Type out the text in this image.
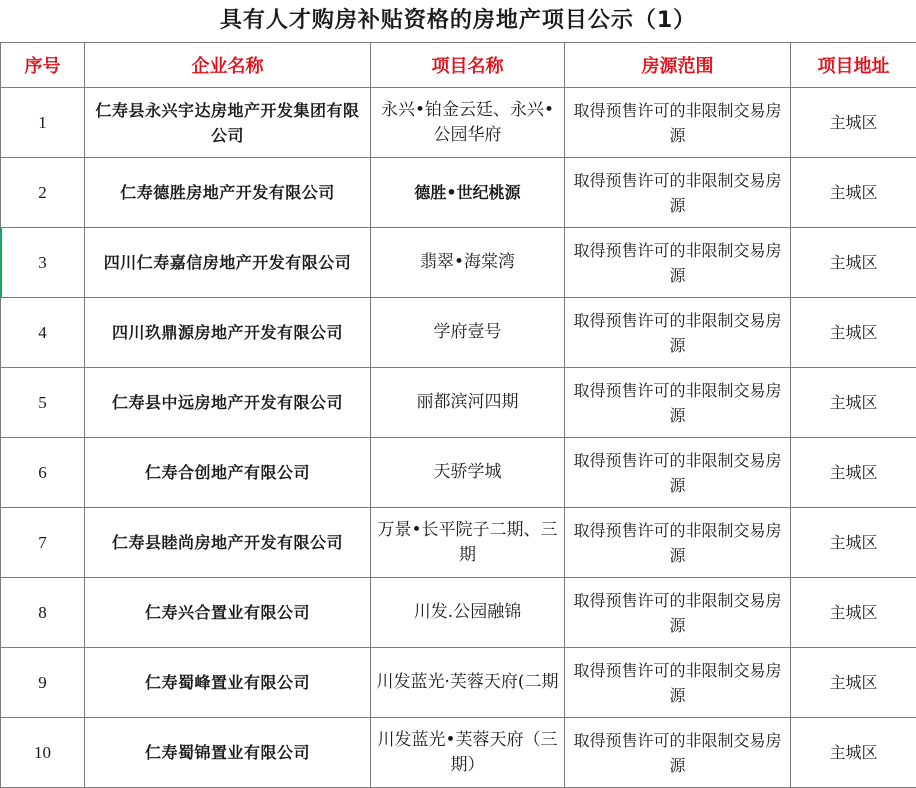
具有人才购房补贴资格的房地产项目公示（1）
序号	企业名称	项目名称	房源范围	项目地址
1	仁寿县永兴宇达房地产开发集团有限公司	永兴•铂金云廷、永兴•公园华府	取得预售许可的非限制交易房源	主城区
2	仁寿德胜房地产开发有限公司	德胜•世纪桃源	取得预售许可的非限制交易房源	主城区
3	四川仁寿嘉信房地产开发有限公司	翡翠•海棠湾	取得预售许可的非限制交易房源	主城区
4	四川玖鼎源房地产开发有限公司	学府壹号	取得预售许可的非限制交易房源	主城区
5	仁寿县中远房地产开发有限公司	丽都滨河四期	取得预售许可的非限制交易房源	主城区
6	仁寿合创地产有限公司	天骄学城	取得预售许可的非限制交易房源	主城区
7	仁寿县睦尚房地产开发有限公司	万景•长平院子二期、三期	取得预售许可的非限制交易房源	主城区
8	仁寿兴合置业有限公司	川发.公园融锦	取得预售许可的非限制交易房源	主城区
9	仁寿蜀峰置业有限公司	川发蓝光·芙蓉天府(二期	取得预售许可的非限制交易房源	主城区
10	仁寿蜀锦置业有限公司	川发蓝光•芙蓉天府（三期）	取得预售许可的非限制交易房源	主城区
